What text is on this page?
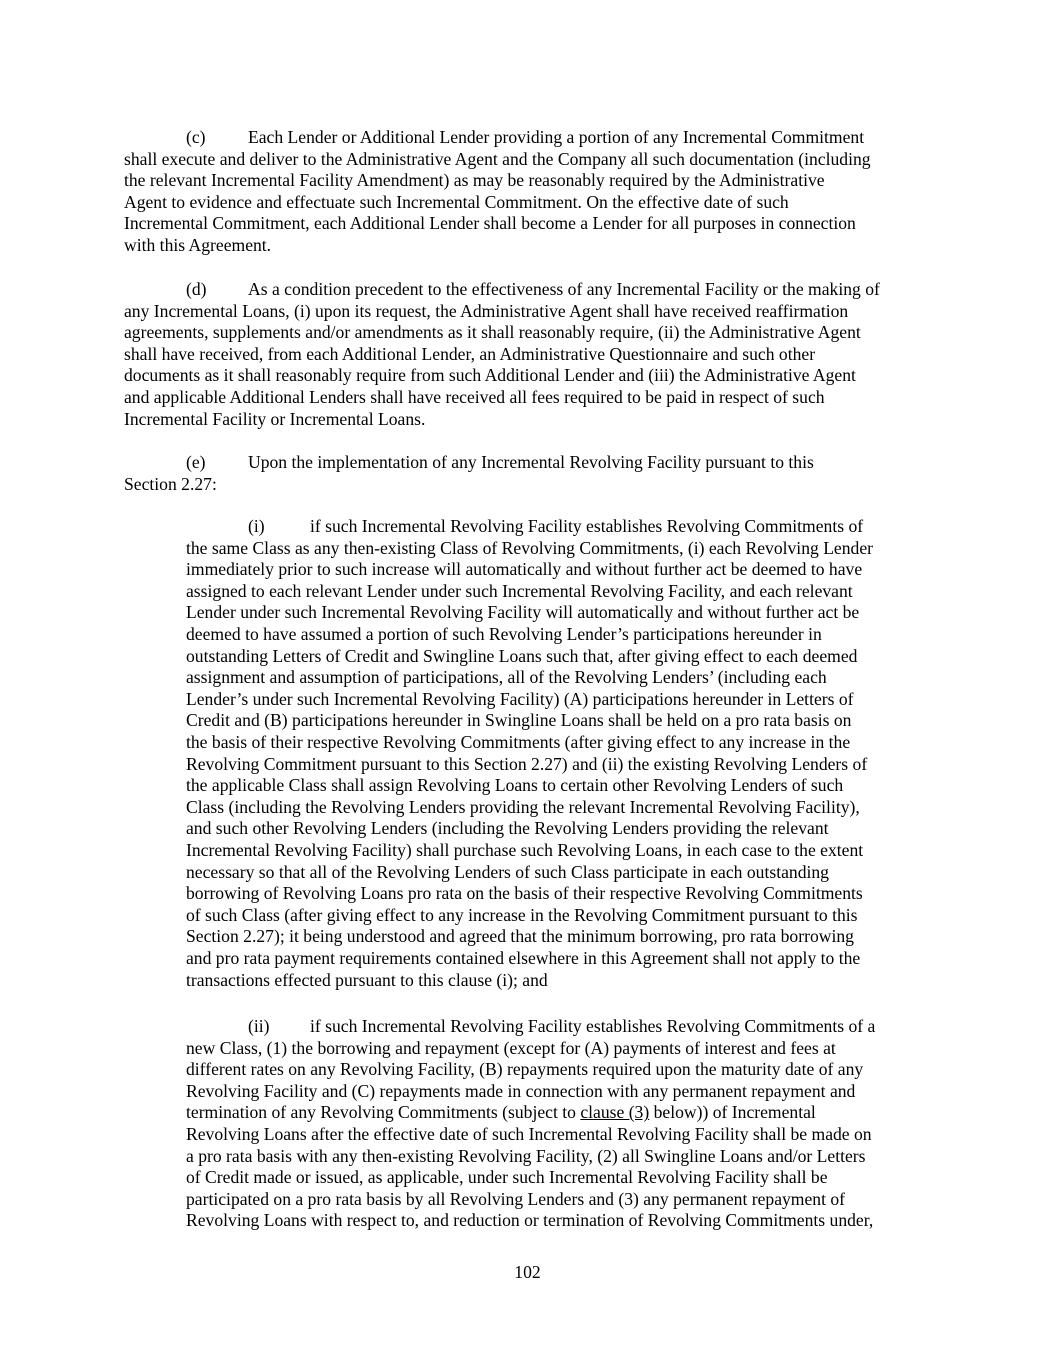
(c) Each Lender or Additional Lender providing a portion of any Incremental Commitment
shall execute and deliver to the Administrative Agent and the Company all such documentation (including
the relevant Incremental Facility Amendment) as may be reasonably required by the Administrative
Agent to evidence and effectuate such Incremental Commitment. On the effective date of such
Incremental Commitment, each Additional Lender shall become a Lender for all purposes in connection
with this Agreement.
(d) As a condition precedent to the effectiveness of any Incremental Facility or the making of
any Incremental Loans, (i) upon its request, the Administrative Agent shall have received reaffirmation
agreements, supplements and/or amendments as it shall reasonably require, (ii) the Administrative Agent
shall have received, from each Additional Lender, an Administrative Questionnaire and such other
documents as it shall reasonably require from such Additional Lender and (iii) the Administrative Agent
and applicable Additional Lenders shall have received all fees required to be paid in respect of such
Incremental Facility or Incremental Loans.
(e) Upon the implementation of any Incremental Revolving Facility pursuant to this
Section 2.27:
(i)	if such Incremental Revolving Facility establishes Revolving Commitments of
the same Class as any then-existing Class of Revolving Commitments, (i) each Revolving Lender
immediately prior to such increase will automatically and without further act be deemed to have
assigned to each relevant Lender under such Incremental Revolving Facility, and each relevant
Lender under such Incremental Revolving Facility will automatically and without further act be
deemed to have assumed a portion of such Revolving Lender’s participations hereunder in
outstanding Letters of Credit and Swingline Loans such that, after giving effect to each deemed
assignment and assumption of participations, all of the Revolving Lenders’ (including each
Lender’s under such Incremental Revolving Facility) (A) participations hereunder in Letters of
Credit and (B) participations hereunder in Swingline Loans shall be held on a pro rata basis on
the basis of their respective Revolving Commitments (after giving effect to any increase in the
Revolving Commitment pursuant to this Section 2.27) and (ii) the existing Revolving Lenders of
the applicable Class shall assign Revolving Loans to certain other Revolving Lenders of such
Class (including the Revolving Lenders providing the relevant Incremental Revolving Facility),
and such other Revolving Lenders (including the Revolving Lenders providing the relevant
Incremental Revolving Facility) shall purchase such Revolving Loans, in each case to the extent
necessary so that all of the Revolving Lenders of such Class participate in each outstanding
borrowing of Revolving Loans pro rata on the basis of their respective Revolving Commitments
of such Class (after giving effect to any increase in the Revolving Commitment pursuant to this
Section 2.27); it being understood and agreed that the minimum borrowing, pro rata borrowing
and pro rata payment requirements contained elsewhere in this Agreement shall not apply to the
transactions effected pursuant to this clause (i); and
(ii) if such Incremental Revolving Facility establishes Revolving Commitments of a
new Class, (1) the borrowing and repayment (except for (A) payments of interest and fees at
different rates on any Revolving Facility, (B) repayments required upon the maturity date of any
Revolving Facility and (C) repayments made in connection with any permanent repayment and
termination of any Revolving Commitments (subject to clause (3) below)) of Incremental
Revolving Loans after the effective date of such Incremental Revolving Facility shall be made on
a pro rata basis with any then-existing Revolving Facility, (2) all Swingline Loans and/or Letters
of Credit made or issued, as applicable, under such Incremental Revolving Facility shall be
participated on a pro rata basis by all Revolving Lenders and (3) any permanent repayment of
Revolving Loans with respect to, and reduction or termination of Revolving Commitments under,
102
